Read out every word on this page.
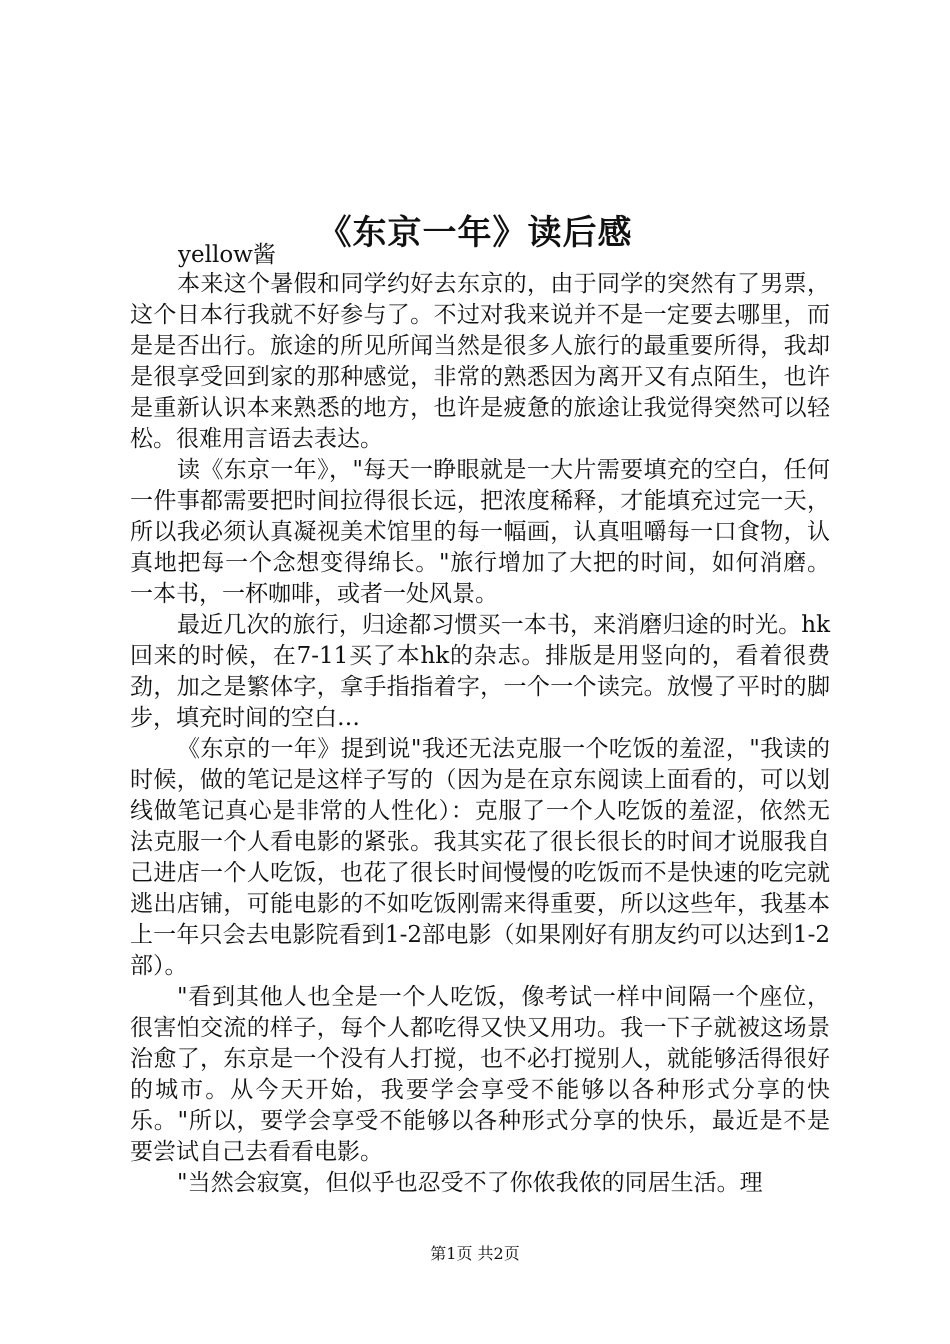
《东京一年》读后感

yellow酱

本来这个暑假和同学约好去东京的，由于同学的突然有了男票，这个日本行我就不好参与了。不过对我来说并不是一定要去哪里，而是是否出行。旅途的所见所闻当然是很多人旅行的最重要所得，我却是很享受回到家的那种感觉，非常的熟悉因为离开又有点陌生，也许是重新认识本来熟悉的地方，也许是疲惫的旅途让我觉得突然可以轻松。很难用言语去表达。

读《东京一年》，"每天一睁眼就是一大片需要填充的空白，任何一件事都需要把时间拉得很长远，把浓度稀释，才能填充过完一天，所以我必须认真凝视美术馆里的每一幅画，认真咀嚼每一口食物，认真地把每一个念想变得绵长。"旅行增加了大把的时间，如何消磨。一本书，一杯咖啡，或者一处风景。

最近几次的旅行，归途都习惯买一本书，来消磨归途的时光。hk回来的时候，在7-11买了本hk的杂志。排版是用竖向的，看着很费劲，加之是繁体字，拿手指指着字，一个一个读完。放慢了平时的脚步，填充时间的空白…

《东京的一年》提到说"我还无法克服一个吃饭的羞涩，"我读的时候，做的笔记是这样子写的（因为是在京东阅读上面看的，可以划线做笔记真心是非常的人性化）：克服了一个人吃饭的羞涩，依然无法克服一个人看电影的紧张。我其实花了很长很长的时间才说服我自己进店一个人吃饭，也花了很长时间慢慢的吃饭而不是快速的吃完就逃出店铺，可能电影的不如吃饭刚需来得重要，所以这些年，我基本上一年只会去电影院看到1-2部电影（如果刚好有朋友约可以达到1-2部）。

"看到其他人也全是一个人吃饭，像考试一样中间隔一个座位，很害怕交流的样子，每个人都吃得又快又用功。我一下子就被这场景治愈了，东京是一个没有人打搅，也不必打搅别人，就能够活得很好的城市。从今天开始，我要学会享受不能够以各种形式分享的快乐。"所以，要学会享受不能够以各种形式分享的快乐，最近是不是要尝试自己去看看电影。

"当然会寂寞，但似乎也忍受不了你侬我侬的同居生活。理

第1页 共2页
